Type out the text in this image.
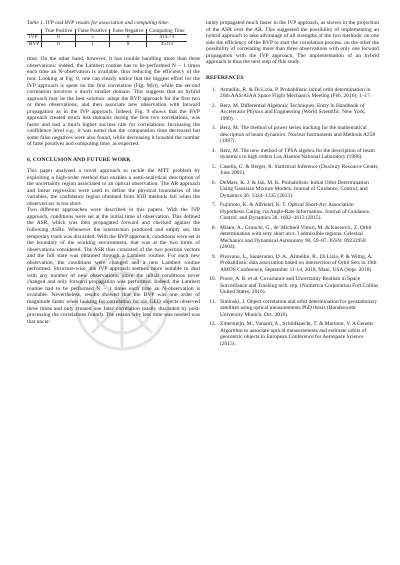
Table 1. IVP and BVP results for association and computing time.

	True Positive	False Positive	False Negative	Computing Time
IVP	6	5	0	414.7 s
BVP	6	1	0	45.0 s

time. On the other hand, however, it has trouble handling more than three observations: indeed, the Lambert routine has to be performed N − 1 times each time an N-observation is available, thus reducing the efficiency of the tool. Looking at Fig. 8, one can clearly notice that the biggest effort for the IVP approach is spent on the first correlation (Fig. 9(b)), while the second correlation involves a much smaller domain. This suggests that an hybrid approach may be the best solution: adopt the BVP approach for the first two or three observations, and then associate new observation with forward propagation as in the IVP approach. Indeed, Fig. 9 shows that the BVP approach created much less domains during the first two correlations, was faster and had a much higher success rate for correlations. Increasing the confidence level e.g., it was noted that the computation time decreased but some false negatives were also found, while decreasing it boosted the number of false positives and computing time, as expected.

6. CONCLUSION AND FUTURE WORK

This paper analysed a novel approach to tackle the MTT problem by exploiting a high-order method that enables a semi-analytical description of the uncertainty region associated to an optical observation. The AR approach and linear regression were used to define the physical boundaries of the variables, the confidence region obtained from IOD methods fall when the observed arc is too short.

Two different approaches were described in this papers. With the IVP approach, conditions were set at the initial time of observation. This defined the ASR, which was then propagated forward and checked against the following ASRs. Whenever the intersection produced and empty set, the temporary track was discarded. With the BVP approach, conditions were set at the boundary of the working environment, that was at the two times of observations considered. The ASR thus consisted of the two position vectors and the full state was obtained through a Lambert routine. For each new observation, the conditions were changed and a new Lambert routine performed. Structure-wise, the IVP approach seemed more suitable to deal with any number of new observations, since the initial conditions never changed and only forward propagation was performed. Indeed, the Lambert routine had to be performed N − 1 times each time an N-observation is available. Nevertheless, results showed that the BVP was one order of magnitude faster when looking for correlation for six GEO objects observed three times and only created one false correlation (easily discarded by post-processing the correlations found). The reason why less time was needed was that uncer-

tainty propagated much faster in the IVP approach, as shown in the projection of the ASR over the AR. This suggested the possibility of implementing an hybrid approach to take advantage of all strengths of the two methods: on one side the efficiency of the BVP to start the correlation process, on the other the possibility of correlating more than three observations with only one forward propagation with the IVP approach. The implementation of an hybrid approach is thus the next step of this study.

REFERENCES
1. Armellin, R. & Di Lizia, P. Probabilistic initial orbit determination in 26th AAS/AIAA Space Flight Mechanics Meeting (Feb. 2016), 1–17.
2. Berz, M. Differential Algebraic Techniques, Entry in Handbook of Accelerator Physics and Engineering (World Scientific, New York, 1999).
3. Berz, M. The method of power series tracking for the mathematical description of beam dynamics. Nuclear Instruments and Methods A258 (1987).
4. Berz, M. The new method of TPSA algebra for the description of beam dynamics to high orders Los Alamos National Laboratory (1986).
5. Casella, G. & Berger, R. Statistical Inference (Duxbury Resource Center, June 2001).
6. DeMars, K. J. & Jah, M. K. Probabilistic Initial Orbit Determination Using Gaussian Mixture Models. Journal of Guidance, Control, and Dynamics 36, 1324–1335 (2013).
7. Fujimoto, K. & Alfriend, K. T. Optical Short-Arc Association Hypothesis Gating via Angle-Rate Information. Journal of Guidance, Control, and Dynamics 38, 1602–1613 (2015).
8. Milani, A., Gronchi, G., de' Michieli Vitturi, M. & Knezevic, Z. Orbit determination with very short arcs. I admissible regions. Celestial Mechanics and Dynamical Astronomy 90, 59–87. ISSN: 09232958 (2004).
9. Pirovano, L., Santeramo, D. A., Armellin, R., Di Lizia, P. & Wittig, A. Probabilistic data association based on intersection of Orbit Sets in 19th AMOS Conference, September 11-14, 2018, Maui, USA (Sept. 2018).
10. Poore, A. B. et al. Covariance and Uncertainty Realism in Space Surveillance and Tracking tech. rep. (Numerica Corporation Fort Collins United States, 2016).
11. Siminski, J. Object correlation and orbit determination for geostationary satellites using optical measurements PhD thesis (Bundeswehr University Munich, Oct. 2016).
12. Zittersteijn, M., Vananti, A., Schildknecht, T. & Martinot, V. A Genetic Algorithm to associate optical measurements and estimate orbits of geocentric objects in European Conference for Aerospace Science (2015).
